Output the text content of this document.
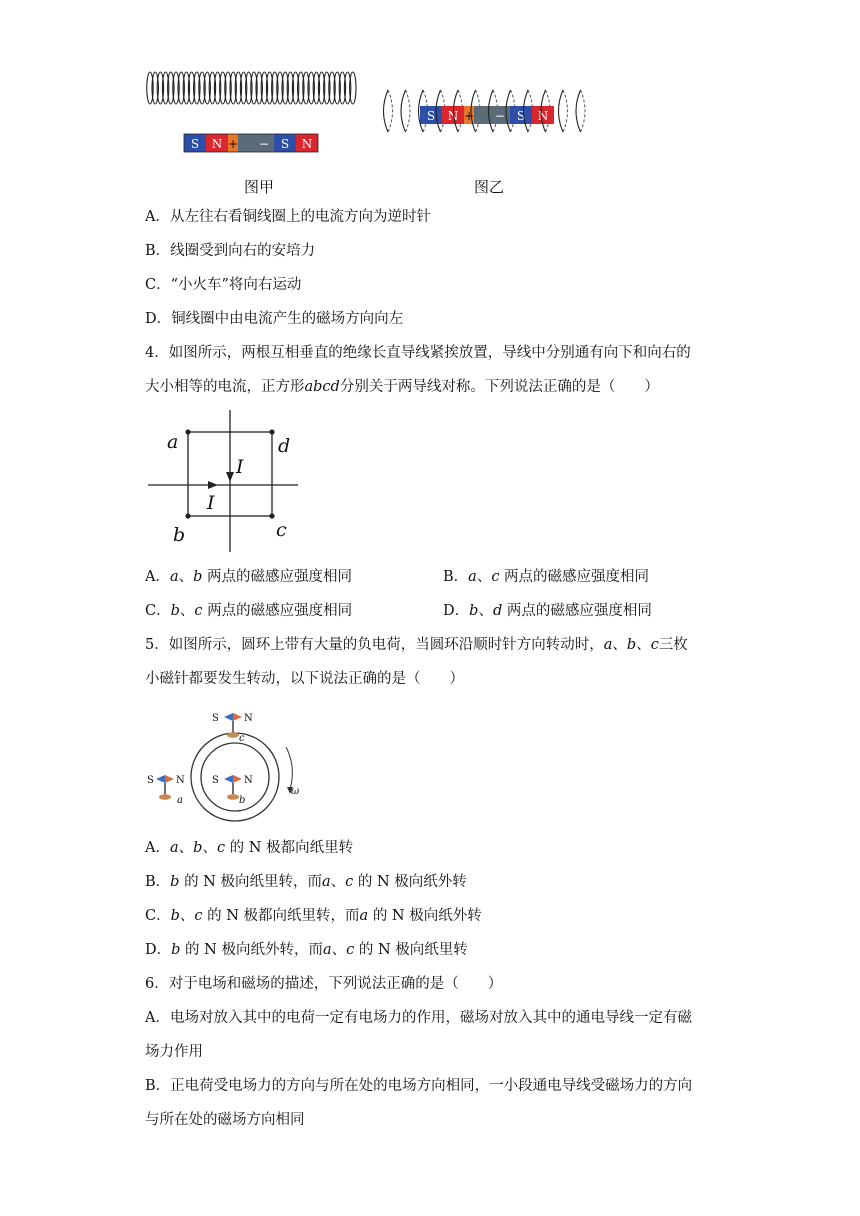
S N + − S N
图甲
S N + − S N
图乙
A．从左往右看铜线圈上的电流方向为逆时针
B．线圈受到向右的安培力
C．“小火车”将向右运动
D．铜线圈中由电流产生的磁场方向向左
4．如图所示，两根互相垂直的绝缘长直导线紧挨放置，导线中分别通有向下和向右的
大小相等的电流，正方形abcd分别关于两导线对称。下列说法正确的是（　　）
a	d
b	c
I
I
A．a、b 两点的磁感应强度相同	B．a、c 两点的磁感应强度相同
C．b、c 两点的磁感应强度相同	D．b、d 两点的磁感应强度相同
5．如图所示，圆环上带有大量的负电荷，当圆环沿顺时针方向转动时，a、b、c三枚
小磁针都要发生转动，以下说法正确的是（　　）
ω
S	N
c
S	N
b
S N
a
A．a、b、c 的 N 极都向纸里转
B．b 的 N 极向纸里转，而a、c 的 N 极向纸外转
C．b、c 的 N 极都向纸里转，而a 的 N 极向纸外转
D．b 的 N 极向纸外转，而a、c 的 N 极向纸里转
6．对于电场和磁场的描述，下列说法正确的是（　　）
A．电场对放入其中的电荷一定有电场力的作用，磁场对放入其中的通电导线一定有磁
场力作用
B．正电荷受电场力的方向与所在处的电场方向相同，一小段通电导线受磁场力的方向
与所在处的磁场方向相同
